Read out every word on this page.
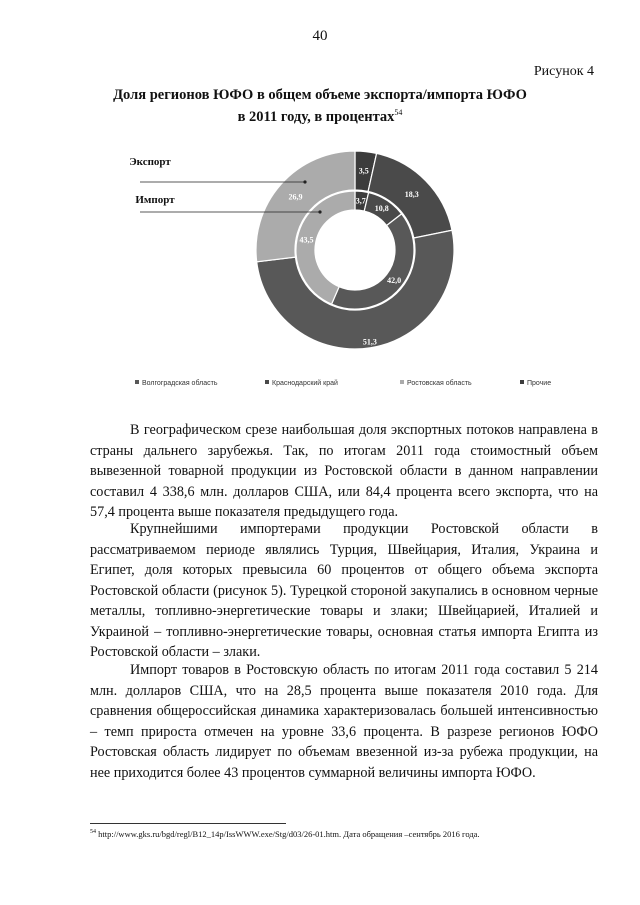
40
Рисунок 4
Доля регионов ЮФО в общем объеме экспорта/импорта ЮФО
в 2011 году, в процентах$^{54}$
3,5
18,3
51,3
26,9	3,7
10,8
42,0
43,5
Экспорт
Импорт
Волгоградская область	Краснодарский край	Ростовская область	Прочие

В географическом срезе наибольшая доля экспортных потоков направлена в страны дальнего зарубежья. Так, по итогам 2011 года стоимостный объем вывезенной товарной продукции из Ростовской области в данном направлении составил 4 338,6 млн. долларов США, или 84,4 процента всего экспорта, что на 57,4 процента выше показателя предыдущего года.

Крупнейшими импортерами продукции Ростовской области в рассматриваемом периоде являлись Турция, Швейцария, Италия, Украина и Египет, доля которых превысила 60 процентов от общего объема экспорта Ростовской области (рисунок 5). Турецкой стороной закупались в основном черные металлы, топливно-энергетические товары и злаки; Швейцарией, Италией и Украиной – топливно-энергетические товары, основная статья импорта Египта из Ростовской области – злаки.

Импорт товаров в Ростовскую область по итогам 2011 года составил 5 214 млн. долларов США, что на 28,5 процента выше показателя 2010 года. Для сравнения общероссийская динамика характеризовалась большей интенсивностью – темп прироста отмечен на уровне 33,6 процента. В разрезе регионов ЮФО Ростовская область лидирует по объемам ввезенной из-за рубежа продукции, на нее приходится более 43 процентов суммарной величины импорта ЮФО.

$^{54}$ http://www.gks.ru/bgd/regl/B12_14p/IssWWW.exe/Stg/d03/26-01.htm. Дата обращения –сентябрь 2016 года.
